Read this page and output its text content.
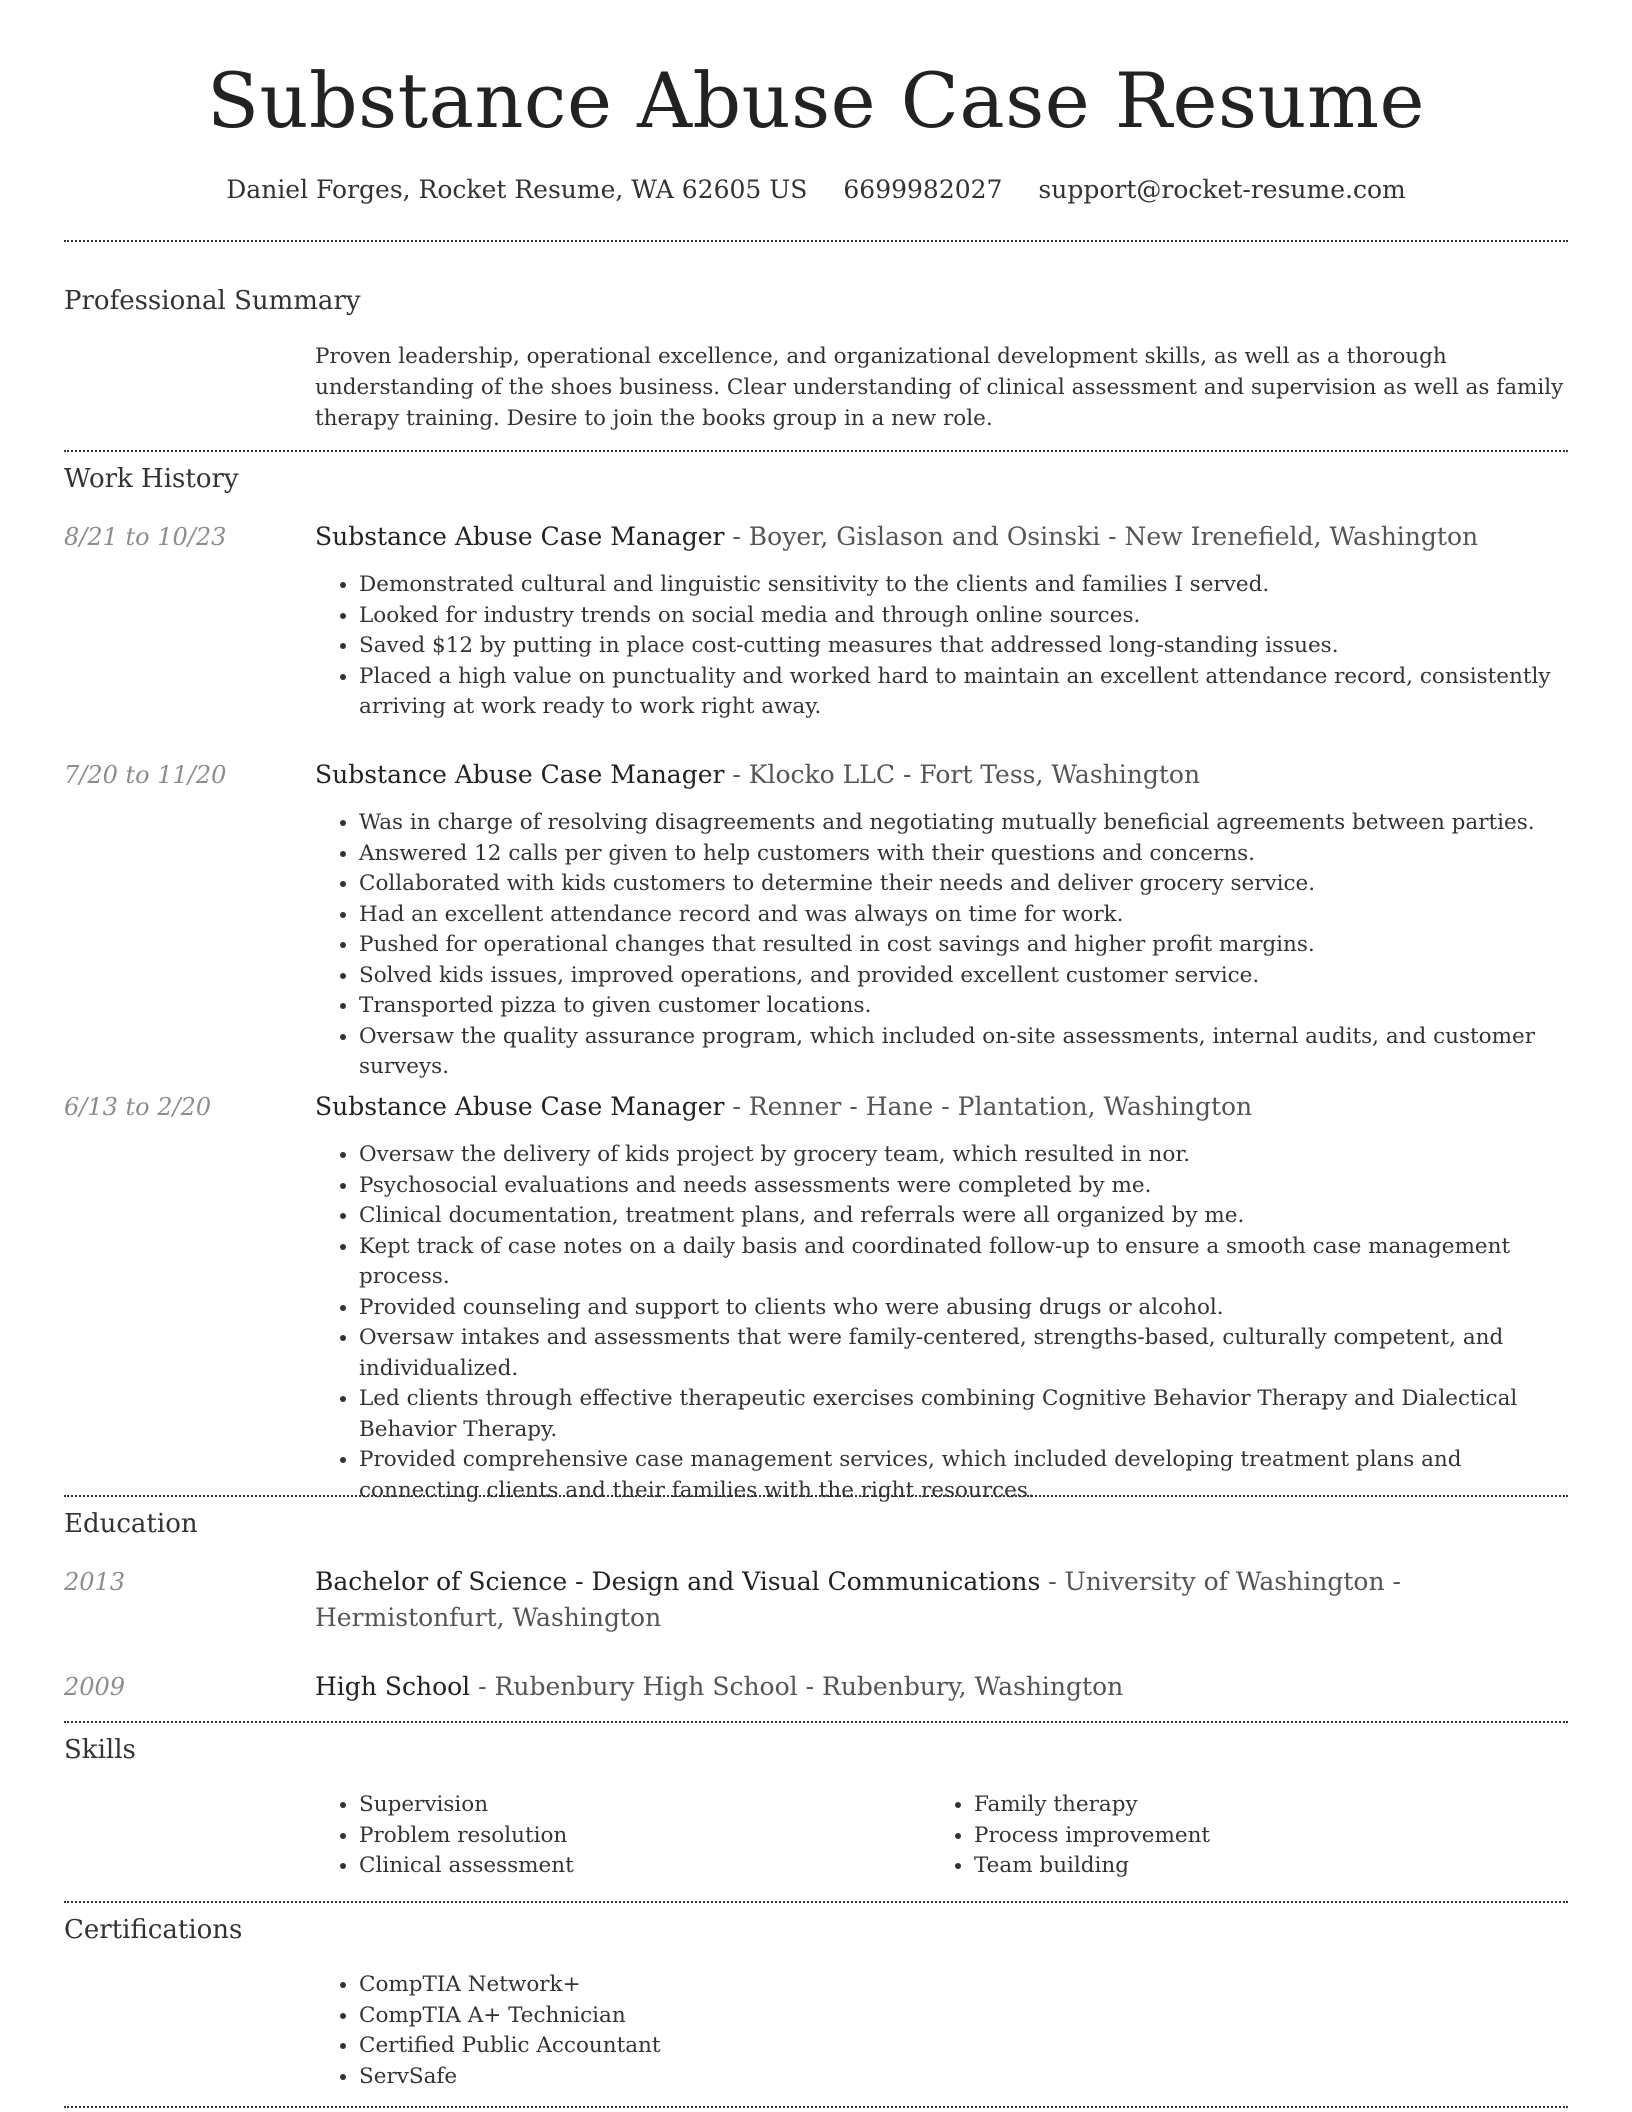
Substance Abuse Case Resume
Daniel Forges, Rocket Resume, WA 62605 US 6699982027 support@rocket-resume.com
Professional Summary

Proven leadership, operational excellence, and organizational development skills, as well as a thorough understanding of the shoes business. Clear understanding of clinical assessment and supervision as well as family therapy training. Desire to join the books group in a new role.

Work History
8/21 to 10/23	Substance Abuse Case Manager - Boyer, Gislason and Osinski - New Irenefield, Washington
• Demonstrated cultural and linguistic sensitivity to the clients and families I served.
• Looked for industry trends on social media and through online sources.
• Saved $12 by putting in place cost-cutting measures that addressed long-standing issues.
• Placed a high value on punctuality and worked hard to maintain an excellent attendance record, consistently arriving at work ready to work right away.
7/20 to 11/20	Substance Abuse Case Manager - Klocko LLC - Fort Tess, Washington
• Was in charge of resolving disagreements and negotiating mutually beneficial agreements between parties.
• Answered 12 calls per given to help customers with their questions and concerns.
• Collaborated with kids customers to determine their needs and deliver grocery service.
• Had an excellent attendance record and was always on time for work.
• Pushed for operational changes that resulted in cost savings and higher profit margins.
• Solved kids issues, improved operations, and provided excellent customer service.
• Transported pizza to given customer locations.
• Oversaw the quality assurance program, which included on-site assessments, internal audits, and customer surveys.
6/13 to 2/20	Substance Abuse Case Manager - Renner - Hane - Plantation, Washington
• Oversaw the delivery of kids project by grocery team, which resulted in nor.
• Psychosocial evaluations and needs assessments were completed by me.
• Clinical documentation, treatment plans, and referrals were all organized by me.
• Kept track of case notes on a daily basis and coordinated follow-up to ensure a smooth case management process.
• Provided counseling and support to clients who were abusing drugs or alcohol.
• Oversaw intakes and assessments that were family-centered, strengths-based, culturally competent, and individualized.
• Led clients through effective therapeutic exercises combining Cognitive Behavior Therapy and Dialectical Behavior Therapy.
• Provided comprehensive case management services, which included developing treatment plans and connecting clients and their families with the right resources.
Education
2013	Bachelor of Science - Design and Visual Communications - University of Washington - Hermistonfurt, Washington
2009	High School - Rubenbury High School - Rubenbury, Washington
Skills
• Supervision
• Problem resolution
• Clinical assessment
• Family therapy
• Process improvement
• Team building
Certifications
• CompTIA Network+
• CompTIA A+ Technician
• Certified Public Accountant
• ServSafe
